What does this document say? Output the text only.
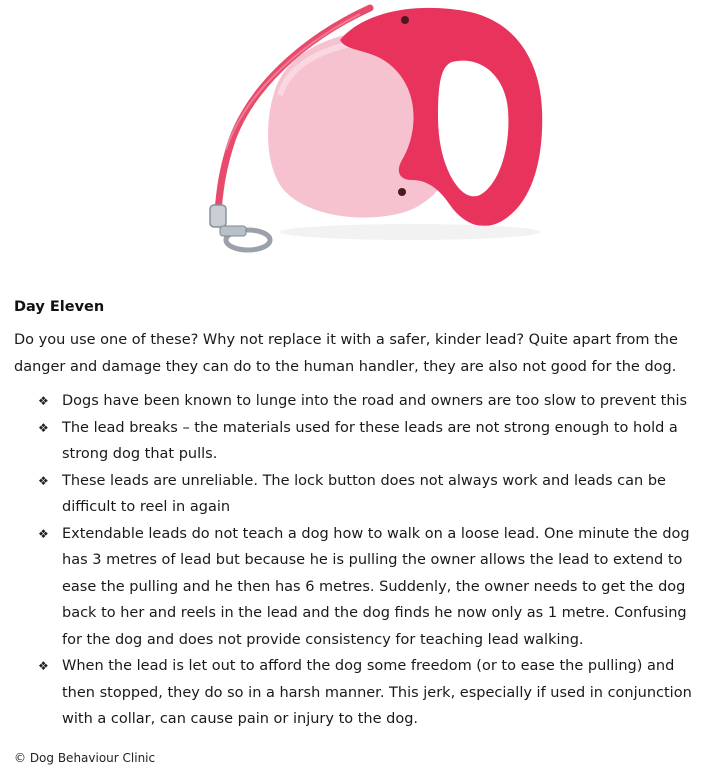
Day Eleven

Do you use one of these? Why not replace it with a safer, kinder lead? Quite apart from the danger and damage they can do to the human handler, they are also not good for the dog.

❖ Dogs have been known to lunge into the road and owners are too slow to prevent this
❖ The lead breaks – the materials used for these leads are not strong enough to hold a strong dog that pulls.
❖ These leads are unreliable. The lock button does not always work and leads can be difficult to reel in again
❖ Extendable leads do not teach a dog how to walk on a loose lead. One minute the dog has 3 metres of lead but because he is pulling the owner allows the lead to extend to ease the pulling and he then has 6 metres. Suddenly, the owner needs to get the dog back to her and reels in the lead and the dog finds he now only as 1 metre. Confusing for the dog and does not provide consistency for teaching lead walking.
❖ When the lead is let out to afford the dog some freedom (or to ease the pulling) and then stopped, they do so in a harsh manner. This jerk, especially if used in conjunction with a collar, can cause pain or injury to the dog.
© Dog Behaviour Clinic
